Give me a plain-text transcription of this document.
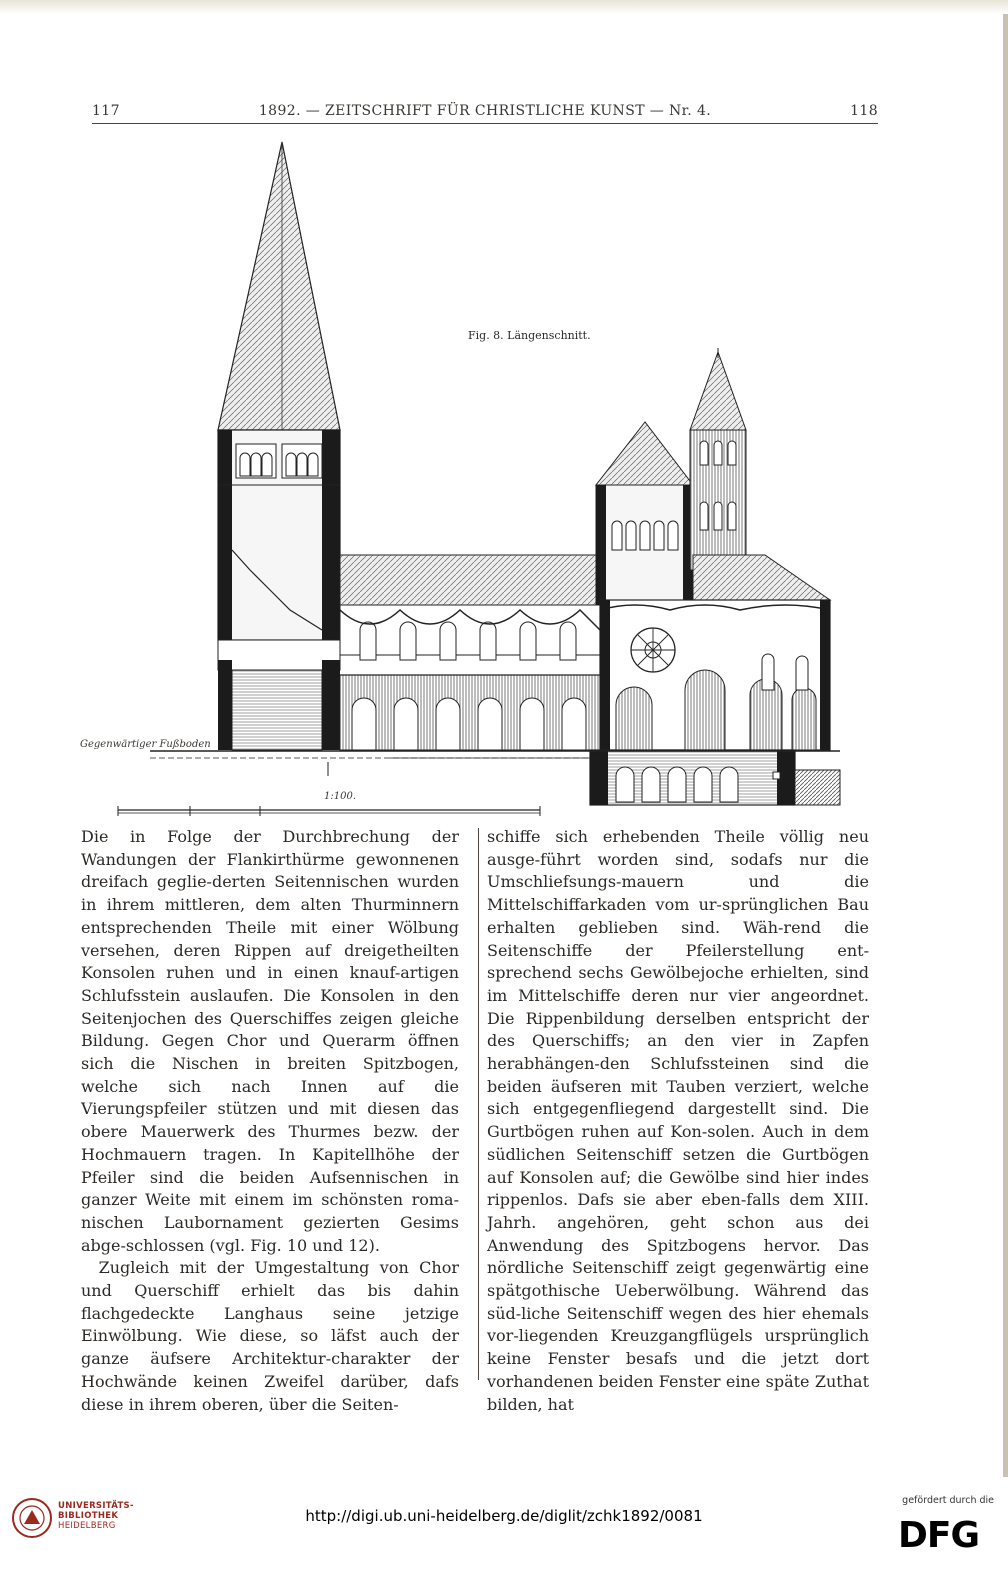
117	1892. — ZEITSCHRIFT FÜR CHRISTLICHE KUNST — Nr. 4.	118
Fig. 8. Längenschnitt.
Gegenwärtiger Fußboden
1:100.

Die in Folge der Durchbrechung der Wandungen der Flankirthürme gewonnenen dreifach geglie-derten Seitennischen wurden in ihrem mittleren, dem alten Thurminnern entsprechenden Theile mit einer Wölbung versehen, deren Rippen auf dreigetheilten Konsolen ruhen und in einen knauf-artigen Schlufsstein auslaufen. Die Konsolen in den Seitenjochen des Querschiffes zeigen gleiche Bildung. Gegen Chor und Querarm öffnen sich die Nischen in breiten Spitzbogen, welche sich nach Innen auf die Vierungspfeiler stützen und mit diesen das obere Mauerwerk des Thurmes bezw. der Hochmauern tragen. In Kapitellhöhe der Pfeiler sind die beiden Aufsennischen in ganzer Weite mit einem im schönsten roma-nischen Laubornament gezierten Gesims abge-schlossen (vgl. Fig. 10 und 12).

Zugleich mit der Umgestaltung von Chor und Querschiff erhielt das bis dahin flachgedeckte Langhaus seine jetzige Einwölbung. Wie diese, so läfst auch der ganze äufsere Architektur-charakter der Hochwände keinen Zweifel darüber, dafs diese in ihrem oberen, über die Seiten-

schiffe sich erhebenden Theile völlig neu ausge-führt worden sind, sodafs nur die Umschliefsungs-mauern und die Mittelschiffarkaden vom ur-sprünglichen Bau erhalten geblieben sind. Wäh-rend die Seitenschiffe der Pfeilerstellung ent-sprechend sechs Gewölbejoche erhielten, sind im Mittelschiffe deren nur vier angeordnet. Die Rippenbildung derselben entspricht der des Querschiffs; an den vier in Zapfen herabhängen-den Schlufssteinen sind die beiden äufseren mit Tauben verziert, welche sich entgegenfliegend dargestellt sind. Die Gurtbögen ruhen auf Kon-solen. Auch in dem südlichen Seitenschiff setzen die Gurtbögen auf Konsolen auf; die Gewölbe sind hier indes rippenlos. Dafs sie aber eben-falls dem XIII. Jahrh. angehören, geht schon aus dei Anwendung des Spitzbogens hervor. Das nördliche Seitenschiff zeigt gegenwärtig eine spätgothische Ueberwölbung. Während das süd-liche Seitenschiff wegen des hier ehemals vor-liegenden Kreuzgangflügels ursprünglich keine Fenster besafs und die jetzt dort vorhandenen beiden Fenster eine späte Zuthat bilden, hat

UNIVERSITÄTS-
BIBLIOTHEK
HEIDELBERG
http://digi.ub.uni-heidelberg.de/diglit/zchk1892/0081
gefördert durch die
DFG
